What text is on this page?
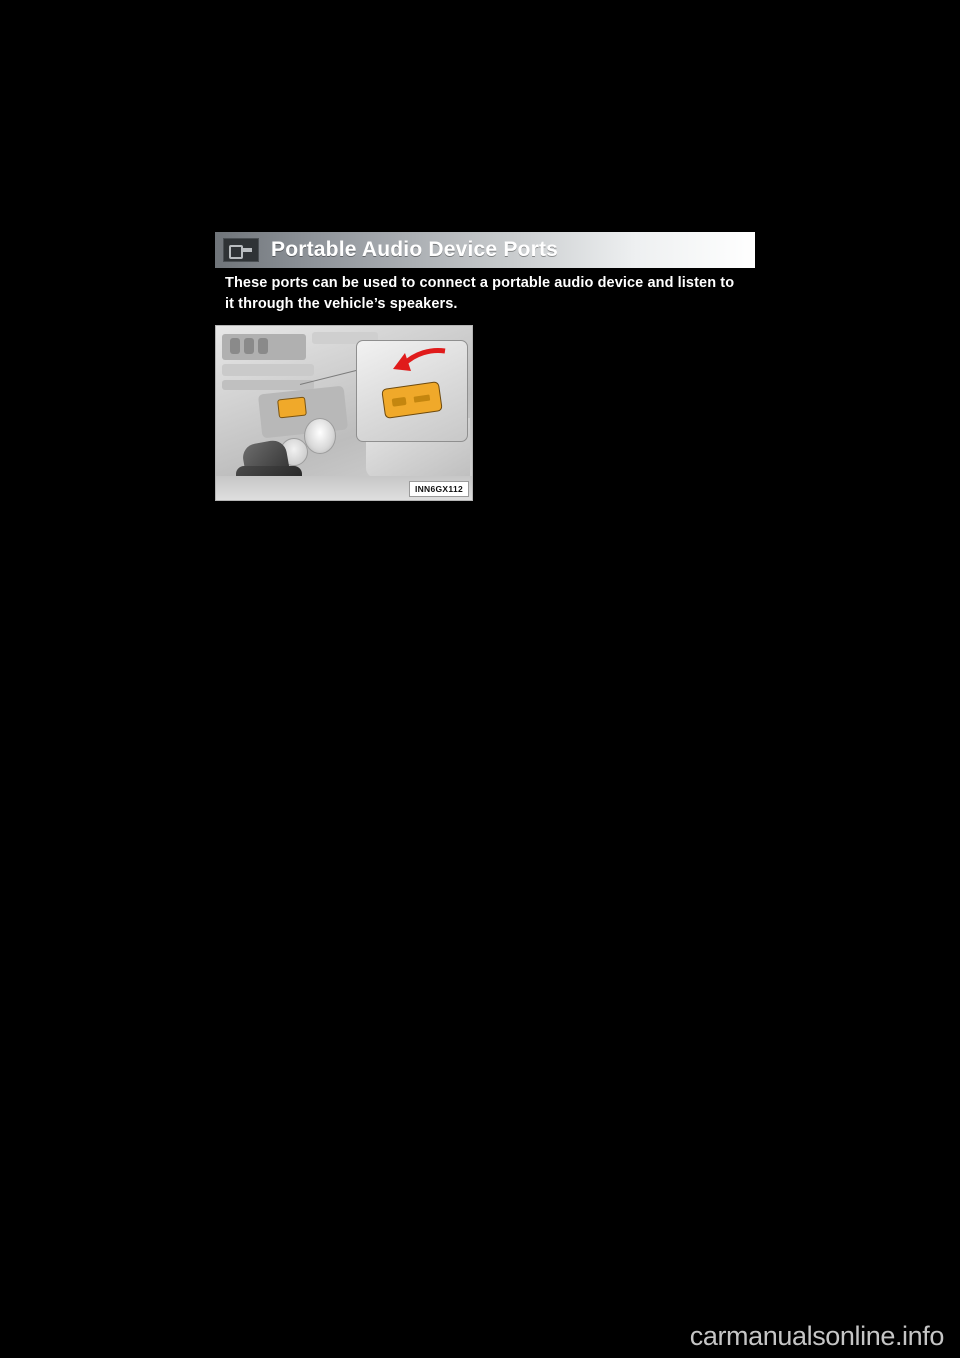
Portable Audio Device Ports

These ports can be used to connect a portable audio device and listen to it through the vehicle’s speakers.

INN6GX112
carmanualsonline.info
